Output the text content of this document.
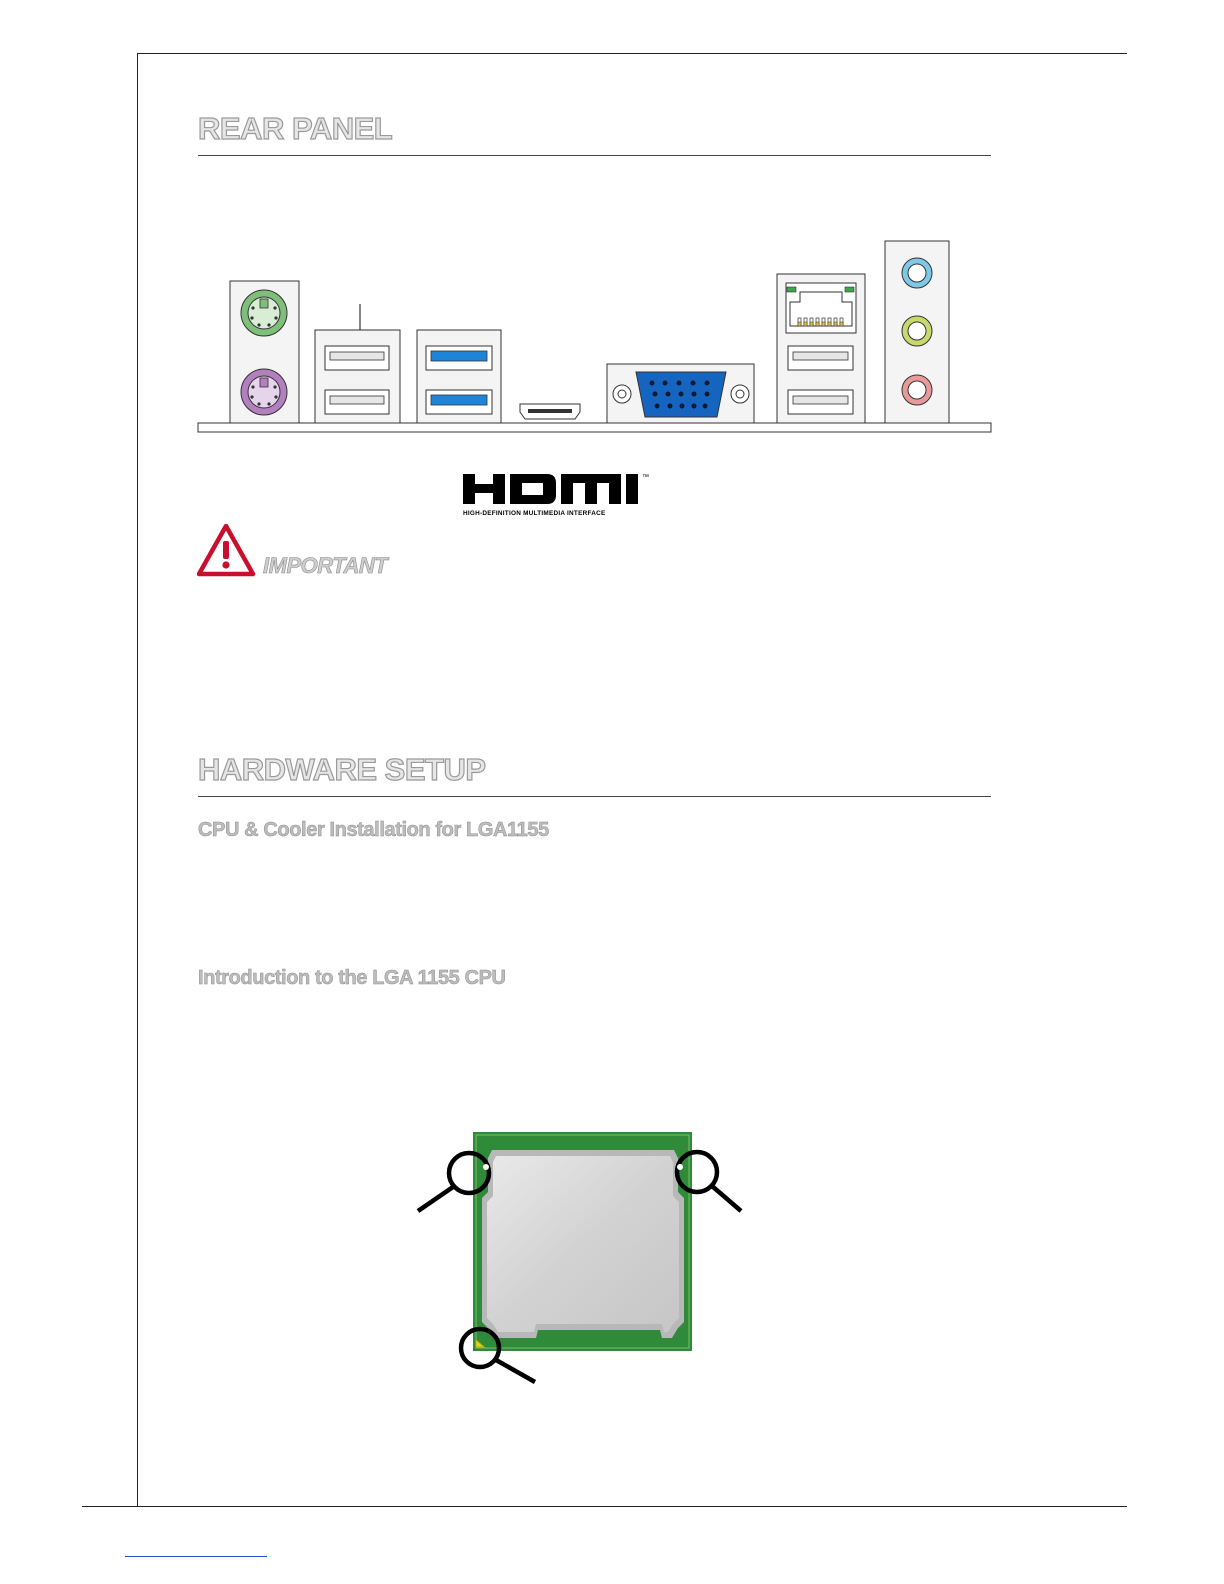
REAR PANEL
™
HIGH-DEFINITION MULTIMEDIA INTERFACE
IMPORTANT
HARDWARE SETUP
CPU & Cooler Installation for LGA1155
Introduction to the LGA 1155 CPU
